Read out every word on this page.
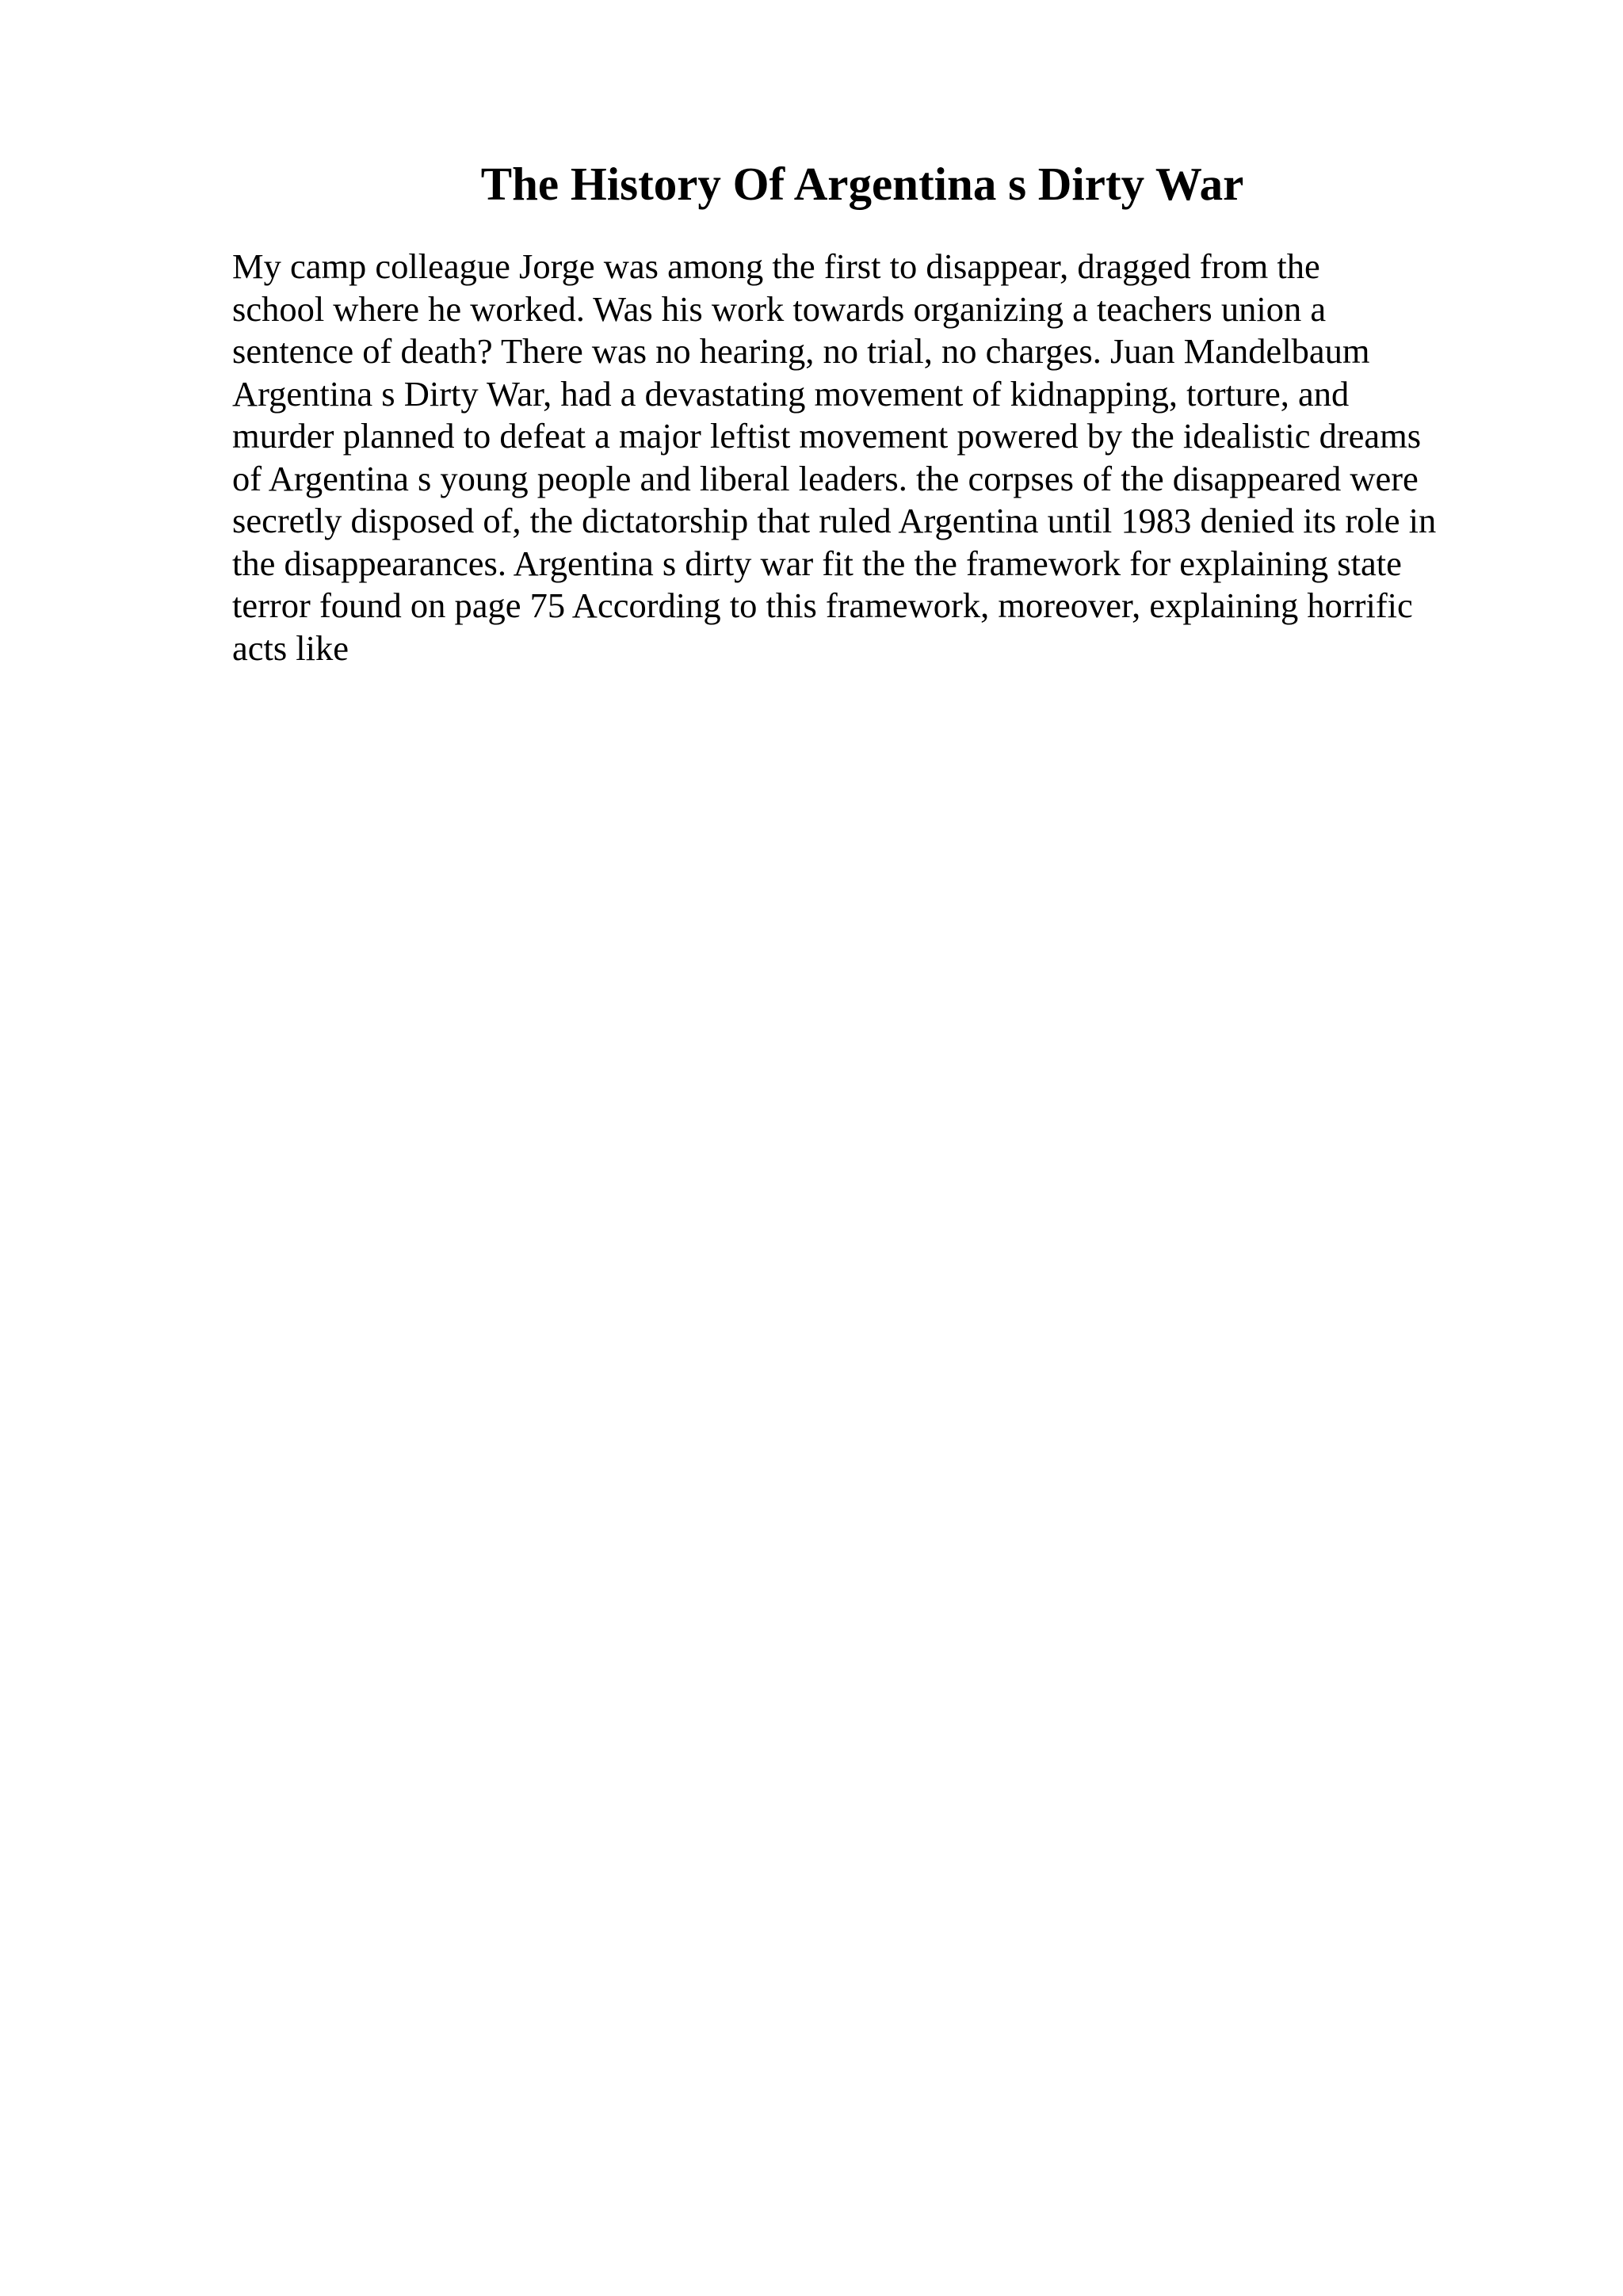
The History Of Argentina s Dirty War
My camp colleague Jorge was among the first to disappear, dragged from the
school where he worked. Was his work towards organizing a teachers union a
sentence of death? There was no hearing, no trial, no charges. Juan Mandelbaum
Argentina s Dirty War, had a devastating movement of kidnapping, torture, and
murder planned to defeat a major leftist movement powered by the idealistic dreams
of Argentina s young people and liberal leaders. the corpses of the disappeared were
secretly disposed of, the dictatorship that ruled Argentina until 1983 denied its role in
the disappearances. Argentina s dirty war fit the the framework for explaining state
terror found on page 75 According to this framework, moreover, explaining horrific
acts like
